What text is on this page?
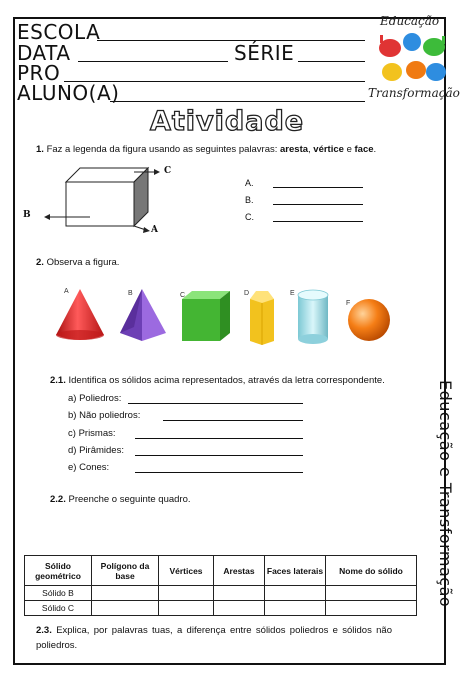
ESCOLA
DATA	SÉRIE
PRO
ALUNO(A)
Educação
e
Transformação
Atividade
1. Faz a legenda da figura usando as seguintes palavras: aresta, vértice e face.
C
B
A
A.
B.
C.
2. Observa a figura.
A	B	C	D	E
F
2.1. Identifica os sólidos acima representados, através da letra correspondente.
a) Poliedros:
b) Não poliedros:
c) Prismas:
d) Pirâmides:
e) Cones:
2.2. Preenche o seguinte quadro.
Sólido geométrico	Polígono da base	Vértices	Arestas	Faces laterais	Nome do sólido
Sólido B					
Sólido C					
2.3. Explica, por palavras tuas, a diferença entre sólidos poliedros e sólidos não poliedros.
Educação e Transformação
